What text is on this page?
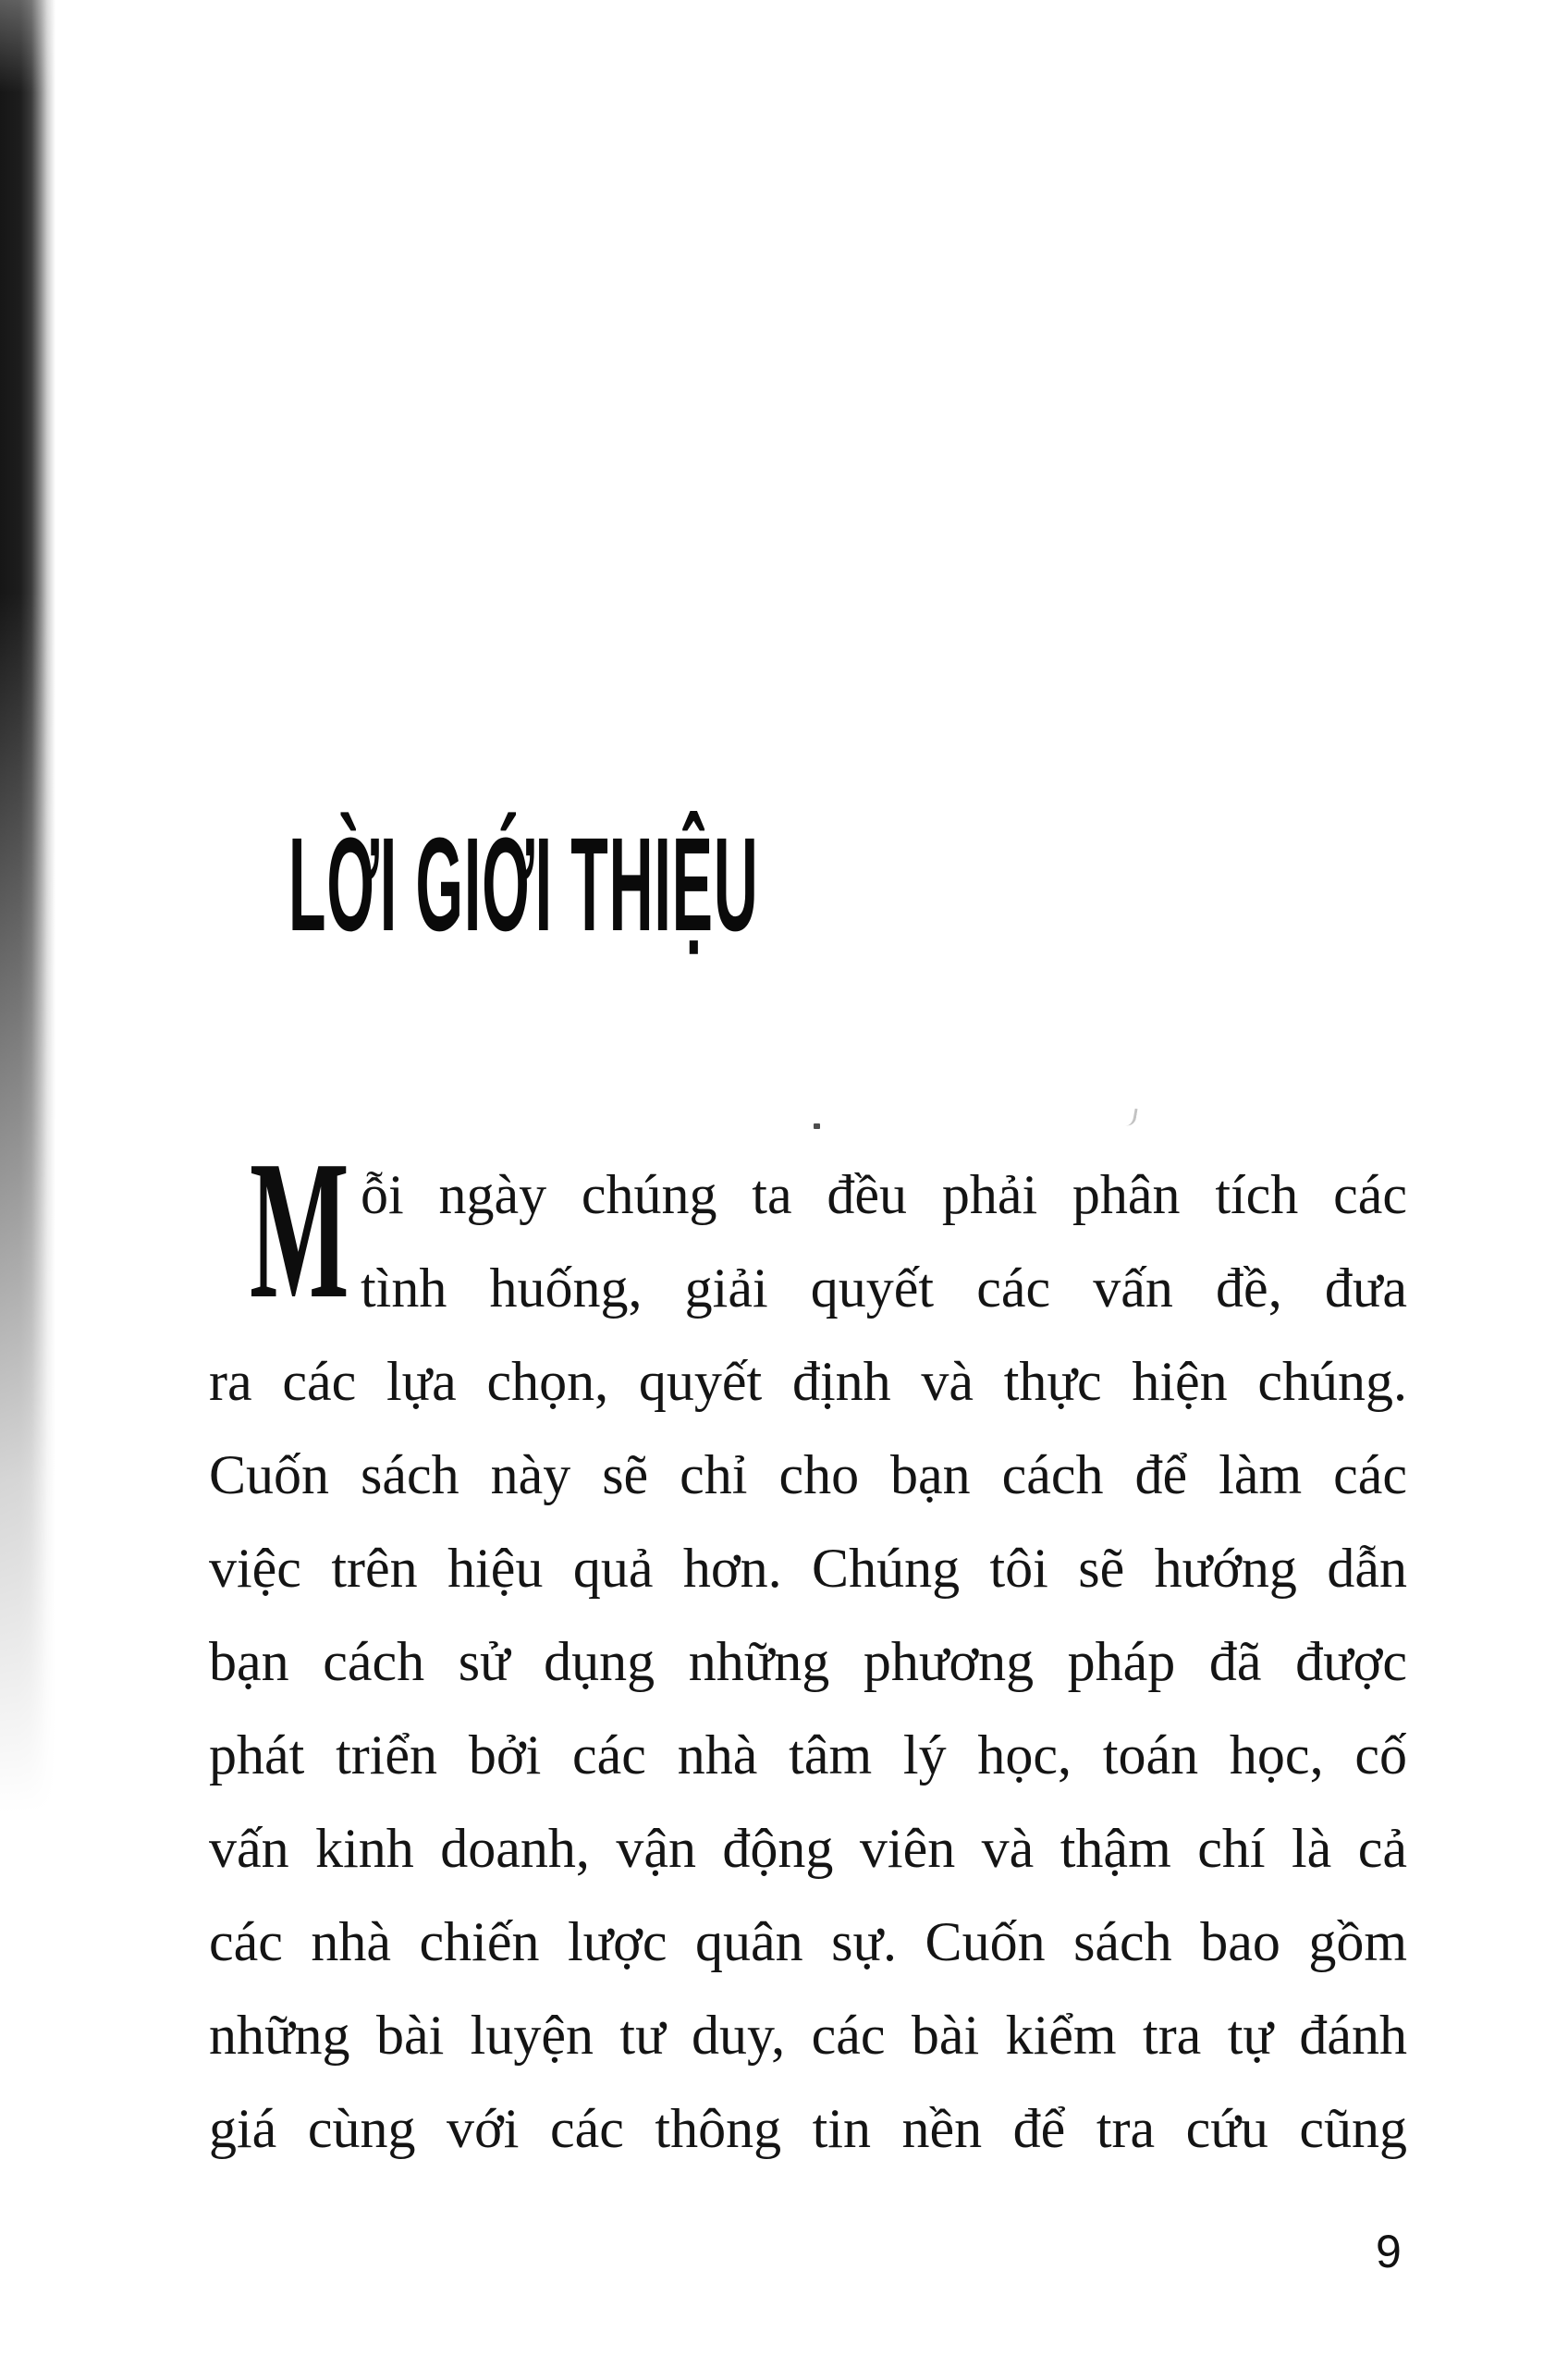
LỜI GIỚI THIỆU
M ỗi ngày chúng ta đều phải phân tích các
tình huống, giải quyết các vấn đề, đưa
ra các lựa chọn, quyết định và thực hiện chúng.
Cuốn sách này sẽ chỉ cho bạn cách để làm các
việc trên hiệu quả hơn. Chúng tôi sẽ hướng dẫn
bạn cách sử dụng những phương pháp đã được
phát triển bởi các nhà tâm lý học, toán học, cố
vấn kinh doanh, vận động viên và thậm chí là cả
các nhà chiến lược quân sự. Cuốn sách bao gồm
những bài luyện tư duy, các bài kiểm tra tự đánh
giá cùng với các thông tin nền để tra cứu cũng
9
